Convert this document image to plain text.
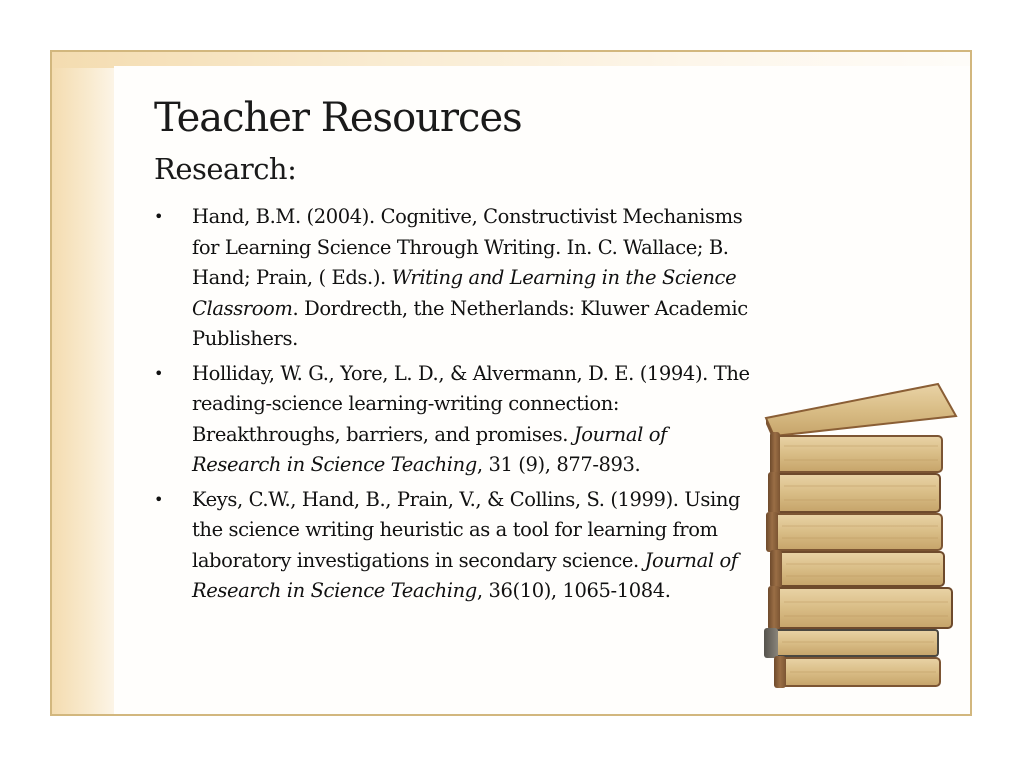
Teacher Resources
Research:
• Hand, B.M. (2004). Cognitive, Constructivist Mechanisms for Learning Science Through Writing. In. C. Wallace; B. Hand; Prain, ( Eds.). Writing and Learning in the Science Classroom. Dordrecth, the Netherlands: Kluwer Academic Publishers.
• Holliday, W. G., Yore, L. D., & Alvermann, D. E. (1994). The reading-science learning-writing connection: Breakthroughs, barriers, and promises. Journal of Research in Science Teaching, 31 (9), 877-893.
• Keys, C.W., Hand, B., Prain, V., & Collins, S. (1999). Using the science writing heuristic as a tool for learning from laboratory investigations in secondary science. Journal of Research in Science Teaching, 36(10), 1065-1084.
